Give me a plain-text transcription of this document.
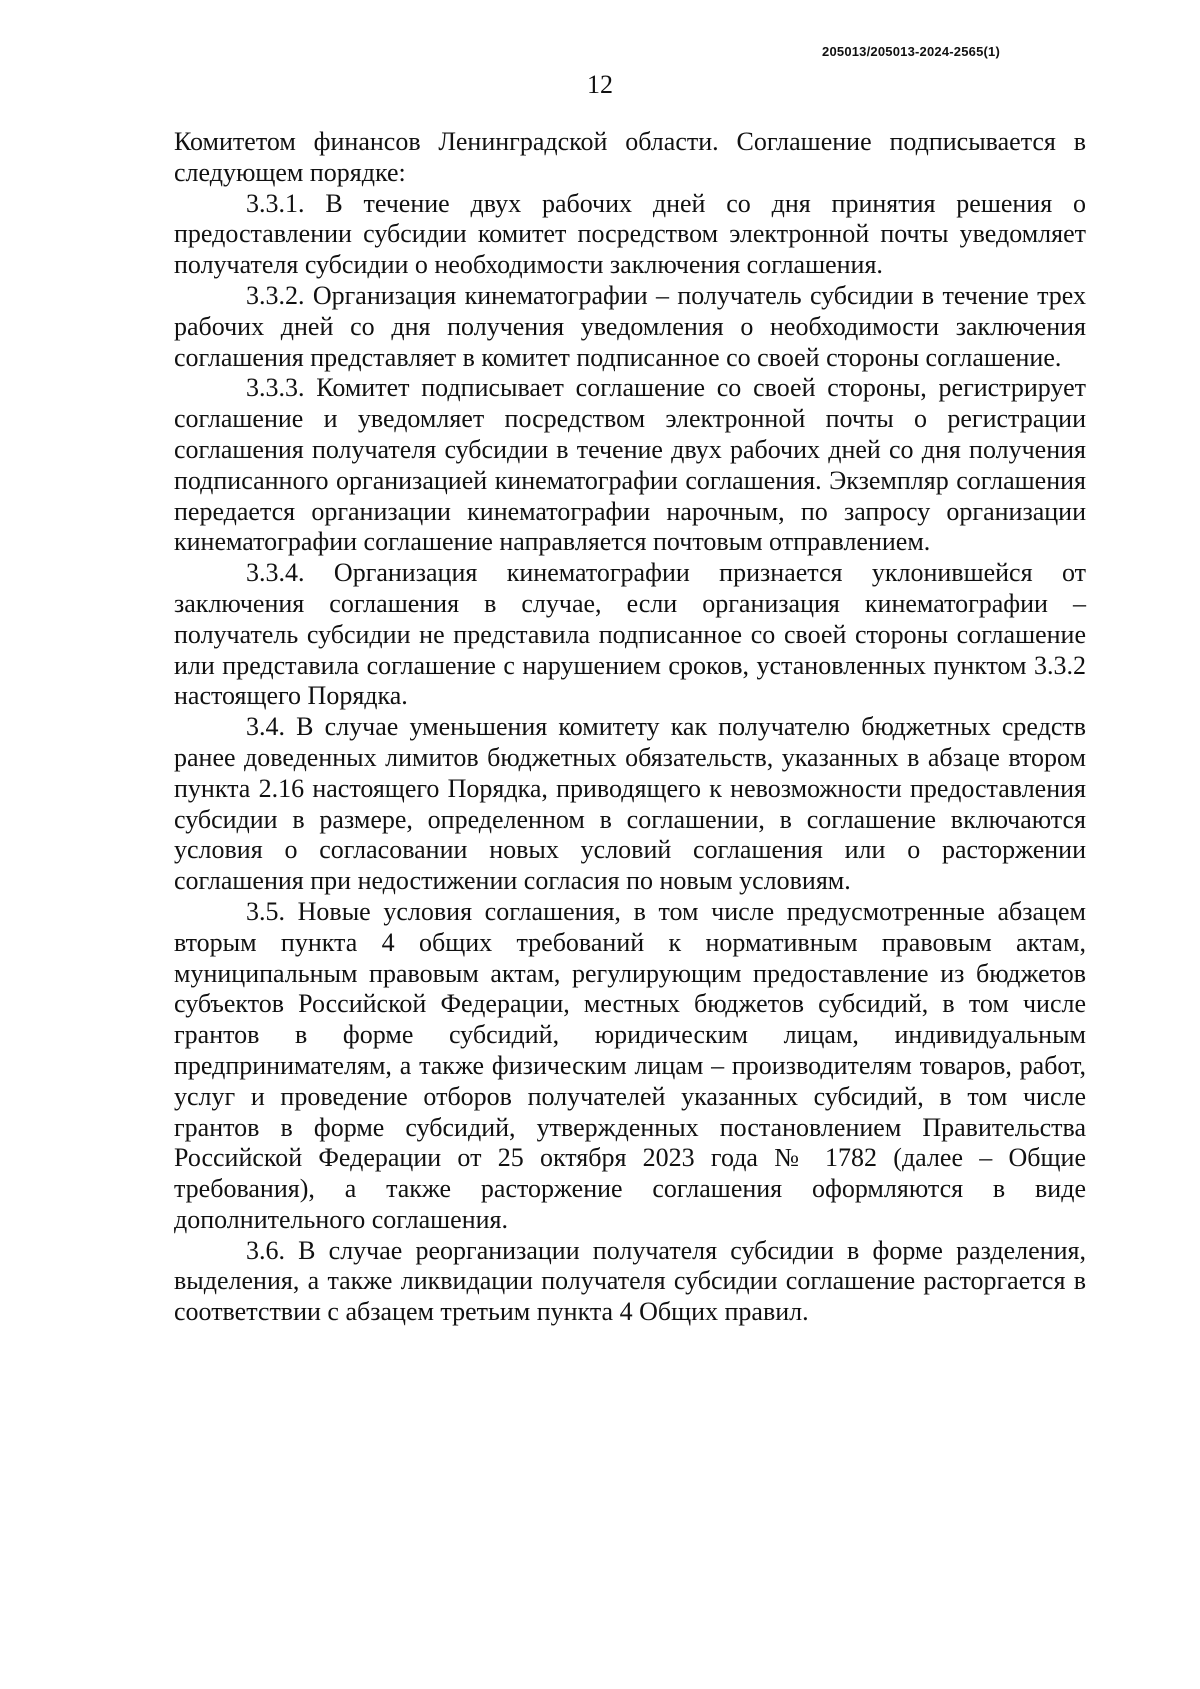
205013/205013-2024-2565(1)
12

Комитетом финансов Ленинградской области. Соглашение подписывается в следующем порядке:

3.3.1. В течение двух рабочих дней со дня принятия решения о предоставлении субсидии комитет посредством электронной почты уведомляет получателя субсидии о необходимости заключения соглашения.

3.3.2. Организация кинематографии – получатель субсидии в течение трех рабочих дней со дня получения уведомления о необходимости заключения соглашения представляет в комитет подписанное со своей стороны соглашение.

3.3.3. Комитет подписывает соглашение со своей стороны, регистрирует соглашение и уведомляет посредством электронной почты о регистрации соглашения получателя субсидии в течение двух рабочих дней со дня получения подписанного организацией кинематографии соглашения. Экземпляр соглашения передается организации кинематографии нарочным, по запросу организации кинематографии соглашение направляется почтовым отправлением.

3.3.4. Организация кинематографии признается уклонившейся от заключения соглашения в случае, если организация кинематографии – получатель субсидии не представила подписанное со своей стороны соглашение или представила соглашение с нарушением сроков, установленных пунктом 3.3.2 настоящего Порядка.

3.4. В случае уменьшения комитету как получателю бюджетных средств ранее доведенных лимитов бюджетных обязательств, указанных в абзаце втором пункта 2.16 настоящего Порядка, приводящего к невозможности предоставления субсидии в размере, определенном в соглашении, в соглашение включаются условия о согласовании новых условий соглашения или о расторжении соглашения при недостижении согласия по новым условиям.

3.5. Новые условия соглашения, в том числе предусмотренные абзацем вторым пункта 4 общих требований к нормативным правовым актам, муниципальным правовым актам, регулирующим предоставление из бюджетов субъектов Российской Федерации, местных бюджетов субсидий, в том числе грантов в форме субсидий, юридическим лицам, индивидуальным предпринимателям, а также физическим лицам – производителям товаров, работ, услуг и проведение отборов получателей указанных субсидий, в том числе грантов в форме субсидий, утвержденных постановлением Правительства Российской Федерации от 25 октября 2023 года № 1782 (далее – Общие требования), а также расторжение соглашения оформляются в виде дополнительного соглашения.

3.6. В случае реорганизации получателя субсидии в форме разделения, выделения, а также ликвидации получателя субсидии соглашение расторгается в соответствии с абзацем третьим пункта 4 Общих правил.
